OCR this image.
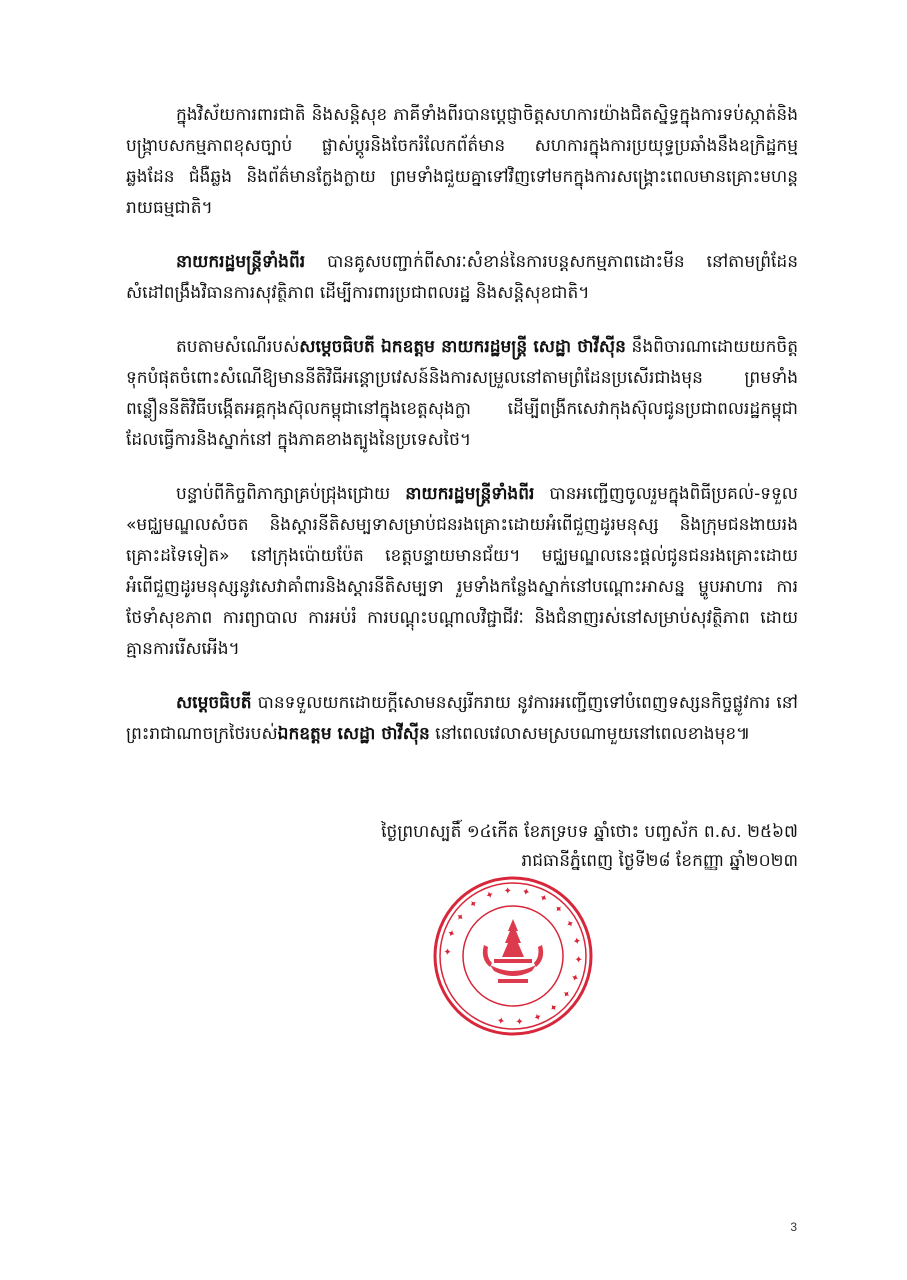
ក្នុងវិស័យការពារជាតិ និងសន្តិសុខ ភាគីទាំងពីរបានប្តេជ្ញាចិត្តសហការយ៉ាងជិតស្និទ្ធក្នុងការទប់ស្កាត់និងបង្ក្រាបសកម្មភាពខុសច្បាប់ ផ្លាស់ប្តូរនិងចែករំលែកព័ត៌មាន សហការក្នុងការប្រយុទ្ធប្រឆាំងនឹងឧក្រិដ្ឋកម្មឆ្លងដែន ជំងឺឆ្លង និងព័ត៌មានក្លែងក្លាយ ព្រមទាំងជួយគ្នាទៅវិញទៅមកក្នុងការសង្គ្រោះពេលមានគ្រោះមហន្តរាយធម្មជាតិ។

នាយករដ្ឋមន្ត្រីទាំងពីរ បានគូសបញ្ជាក់ពីសារៈសំខាន់នៃការបន្តសកម្មភាពដោះមីន នៅតាមព្រំដែន សំដៅពង្រឹងវិធានការសុវត្ថិភាព ដើម្បីការពារប្រជាពលរដ្ឋ និងសន្តិសុខជាតិ។

តបតាមសំណើរបស់សម្តេចធិបតី ឯកឧត្តម នាយករដ្ឋមន្ត្រី សេដ្ឋា ថាវីស៊ីន នឹងពិចារណាដោយយកចិត្តទុកបំផុតចំពោះសំណើឱ្យមាននីតិវិធីអន្តោប្រវេសន៍និងការសម្រួលនៅតាមព្រំដែនប្រសើរជាងមុន ព្រមទាំងពន្លឿននីតិវិធីបង្កើតអគ្គកុងស៊ុលកម្ពុជានៅក្នុងខេត្តសុងក្លា ដើម្បីពង្រីកសេវាកុងស៊ុលជូនប្រជាពលរដ្ឋកម្ពុជាដែលធ្វើការនិងស្នាក់នៅ ក្នុងភាគខាងត្បូងនៃប្រទេសថៃ។

បន្ទាប់ពីកិច្ចពិភាក្សាគ្រប់ជ្រុងជ្រោយ នាយករដ្ឋមន្ត្រីទាំងពីរ បានអញ្ជើញចូលរួមក្នុងពិធីប្រគល់-ទទួល «មជ្ឈមណ្ឌលសំចត និងស្តារនីតិសម្បទាសម្រាប់ជនរងគ្រោះដោយអំពើជួញដូរមនុស្ស និងក្រុមជនងាយរងគ្រោះដទៃទៀត» នៅក្រុងប៉ោយប៉ែត ខេត្តបន្ទាយមានជ័យ។ មជ្ឈមណ្ឌលនេះផ្តល់ជូនជនរងគ្រោះដោយអំពើជួញដូរមនុស្សនូវសេវាគាំពារនិងស្តារនីតិសម្បទា រួមទាំងកន្លែងស្នាក់នៅបណ្តោះអាសន្ន ម្ហូបអាហារ ការថែទាំសុខភាព ការព្យាបាល ការអប់រំ ការបណ្តុះបណ្តាលវិជ្ជាជីវៈ និងជំនាញរស់នៅសម្រាប់សុវត្ថិភាព ដោយគ្មានការរើសអើង។

សម្តេចធិបតី បានទទួលយកដោយក្តីសោមនស្សរីករាយ នូវការអញ្ជើញទៅបំពេញទស្សនកិច្ចផ្លូវការ នៅព្រះរាជាណាចក្រថៃរបស់ឯកឧត្តម សេដ្ឋា ថាវីស៊ីន នៅពេលវេលាសមស្របណាមួយនៅពេលខាងមុខ៕

ថ្ងៃព្រហស្បតិ៍ ១៤កើត ខែភទ្របទ ឆ្នាំថោះ បញ្ចស័ក ព.ស. ២៥៦៧
រាជធានីភ្នំពេញ ថ្ងៃទី២៨ ខែកញ្ញា ឆ្នាំ២០២៣
✦ ✦ ✦ ✦ ✦ ✦ ✦ ✦ ✦ ✦ ✦ ✦ ✦ ✦ ✦ ✦ ✦ ✦
3
